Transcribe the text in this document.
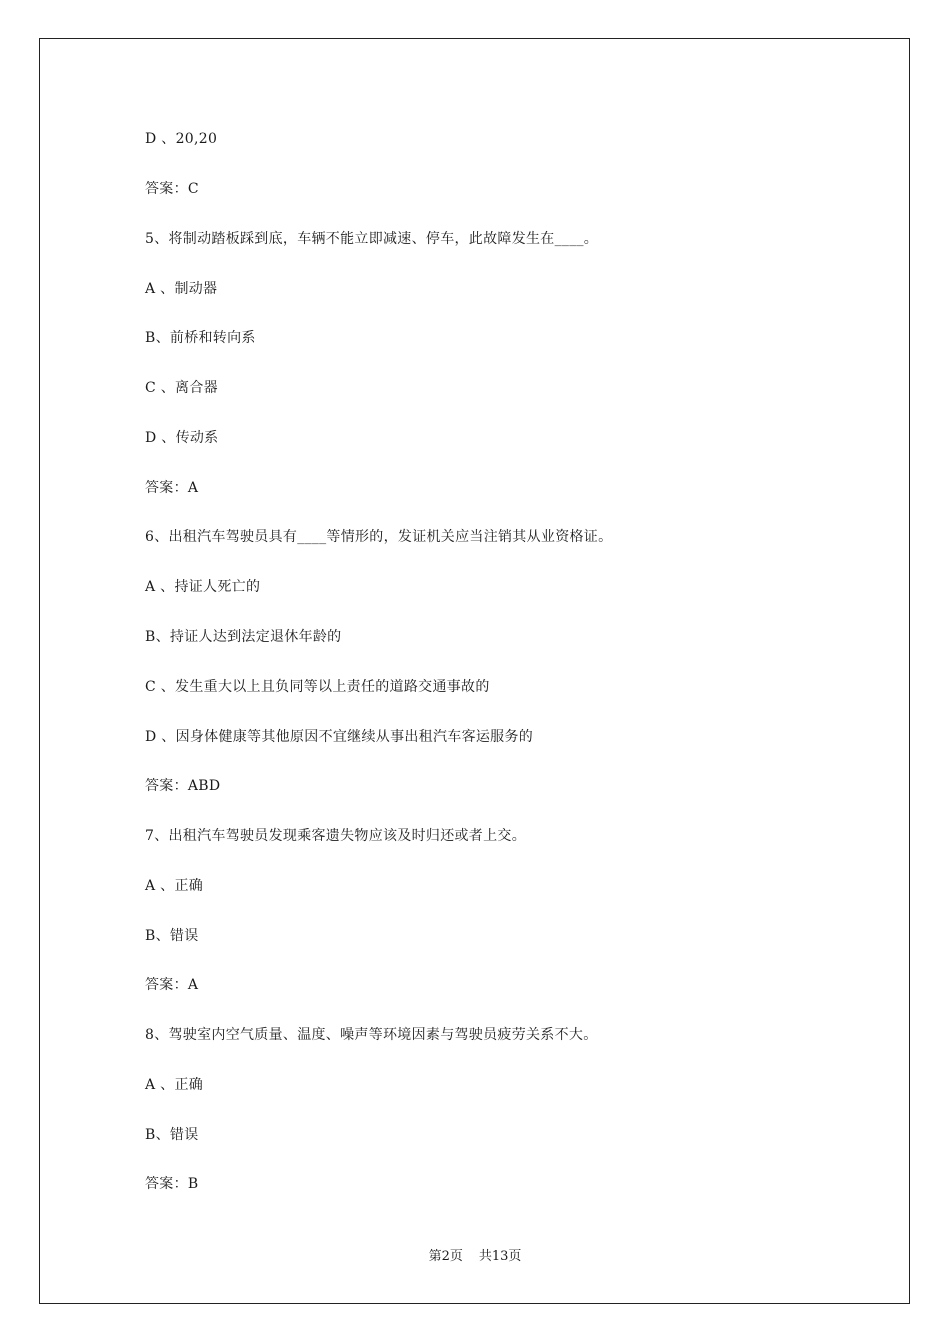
D 、20,20
答案：C
5、将制动踏板踩到底，车辆不能立即减速、停车，此故障发生在____。
A 、制动器
B、前桥和转向系
C 、离合器
D 、传动系
答案：A
6、出租汽车驾驶员具有____等情形的，发证机关应当注销其从业资格证。
A 、持证人死亡的
B、持证人达到法定退休年龄的
C 、发生重大以上且负同等以上责任的道路交通事故的
D 、因身体健康等其他原因不宜继续从事出租汽车客运服务的
答案：ABD
7、出租汽车驾驶员发现乘客遗失物应该及时归还或者上交。
A 、正确
B、错误
答案：A
8、驾驶室内空气质量、温度、噪声等环境因素与驾驶员疲劳关系不大。
A 、正确
B、错误
答案：B
第2页 共13页
